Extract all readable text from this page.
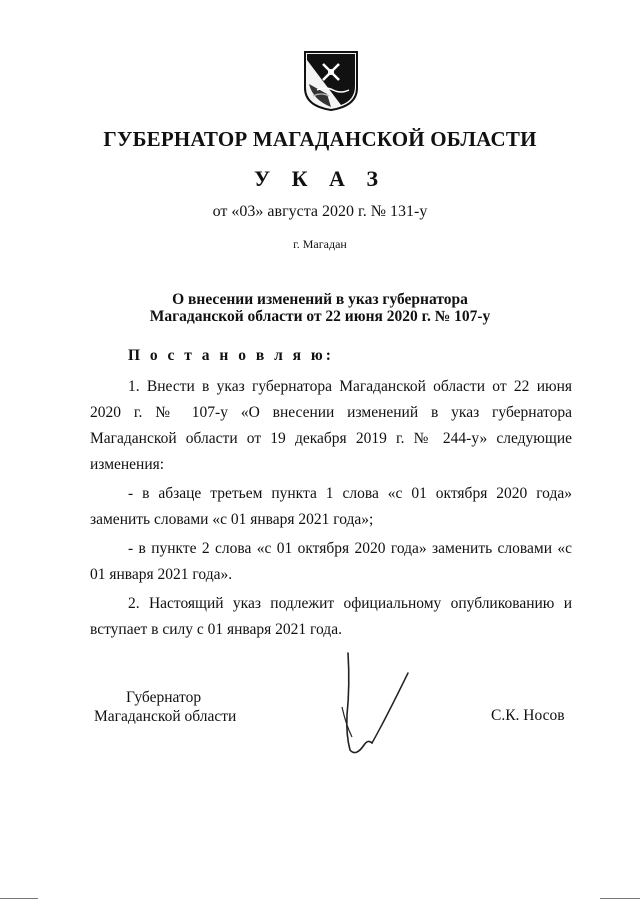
ГУБЕРНАТОР МАГАДАНСКОЙ ОБЛАСТИ
У К А З
от «03» августа 2020 г. № 131-у
г. Магадан
О внесении изменений в указ губернатора
Магаданской области от 22 июня 2020 г. № 107-у
П о с т а н о в л я ю:

1. Внести в указ губернатора Магаданской области от 22 июня 2020 г. № 107-у «О внесении изменений в указ губернатора Магаданской области от 19 декабря 2019 г. № 244-у» следующие изменения:

- в абзаце третьем пункта 1 слова «с 01 октября 2020 года» заменить словами «с 01 января 2021 года»;

- в пункте 2 слова «с 01 октября 2020 года» заменить словами «с 01 января 2021 года».

2. Настоящий указ подлежит официальному опубликованию и вступает в силу с 01 января 2021 года.

Губернатор
Магаданской области	С.К. Носов
